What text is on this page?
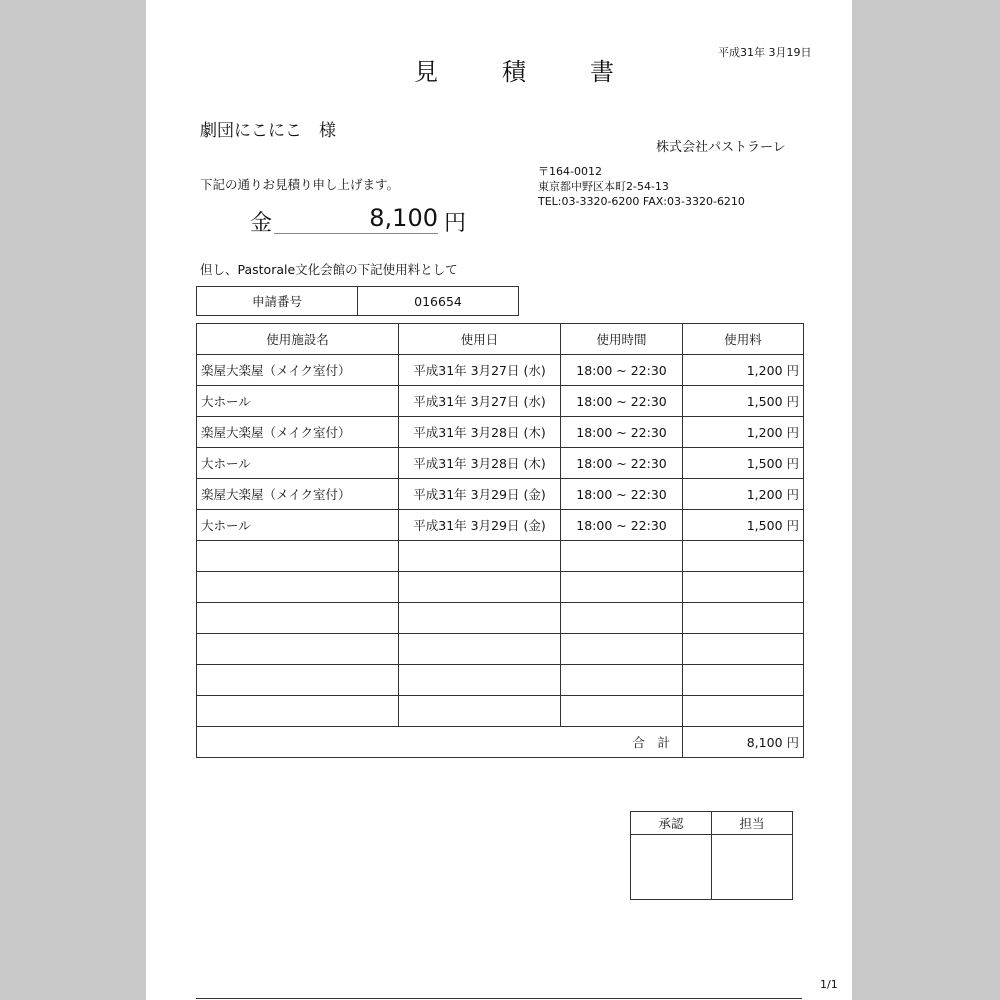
見	積	書
平成31年 3月19日
劇団にこにこ　様
株式会社パストラーレ
〒164-0012
東京都中野区本町2-54-13
TEL:03-3320-6200 FAX:03-3320-6210
下記の通りお見積り申し上げます。
金	8,100 円
但し、Pastorale文化会館の下記使用料として
申請番号	016654
使用施設名	使用日	使用時間	使用料
楽屋大楽屋（メイク室付）	平成31年 3月27日 (水)	18:00 ~ 22:30	1,200 円
大ホール	平成31年 3月27日 (水)	18:00 ~ 22:30	1,500 円
楽屋大楽屋（メイク室付）	平成31年 3月28日 (木)	18:00 ~ 22:30	1,200 円
大ホール	平成31年 3月28日 (木)	18:00 ~ 22:30	1,500 円
楽屋大楽屋（メイク室付）	平成31年 3月29日 (金)	18:00 ~ 22:30	1,200 円
大ホール	平成31年 3月29日 (金)	18:00 ~ 22:30	1,500 円

合　計			8,100 円
承認	担当

1/1
